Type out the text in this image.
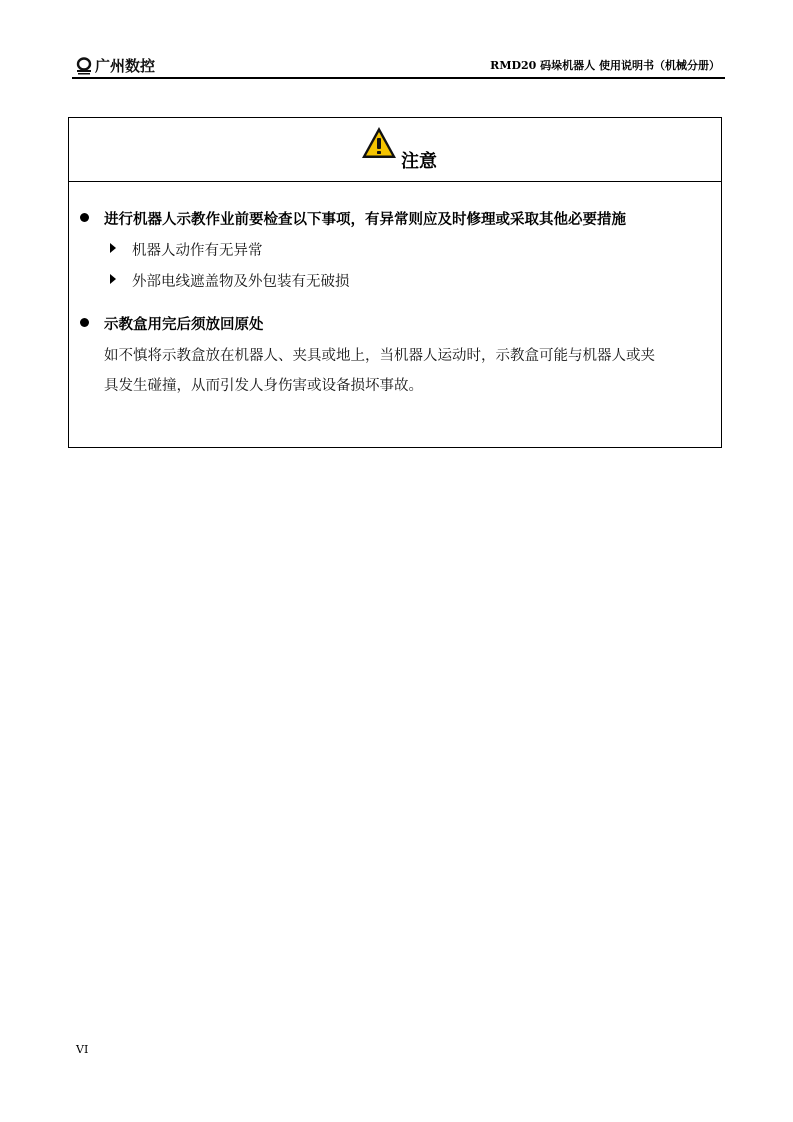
广州数控	RMD20 码垛机器人 使用说明书（机械分册）
注意
进行机器人示教作业前要检查以下事项，有异常则应及时修理或采取其他必要措施
机器人动作有无异常
外部电线遮盖物及外包装有无破损
示教盒用完后须放回原处
如不慎将示教盒放在机器人、夹具或地上，当机器人运动时，示教盒可能与机器人或夹
具发生碰撞，从而引发人身伤害或设备损坏事故。
VI
